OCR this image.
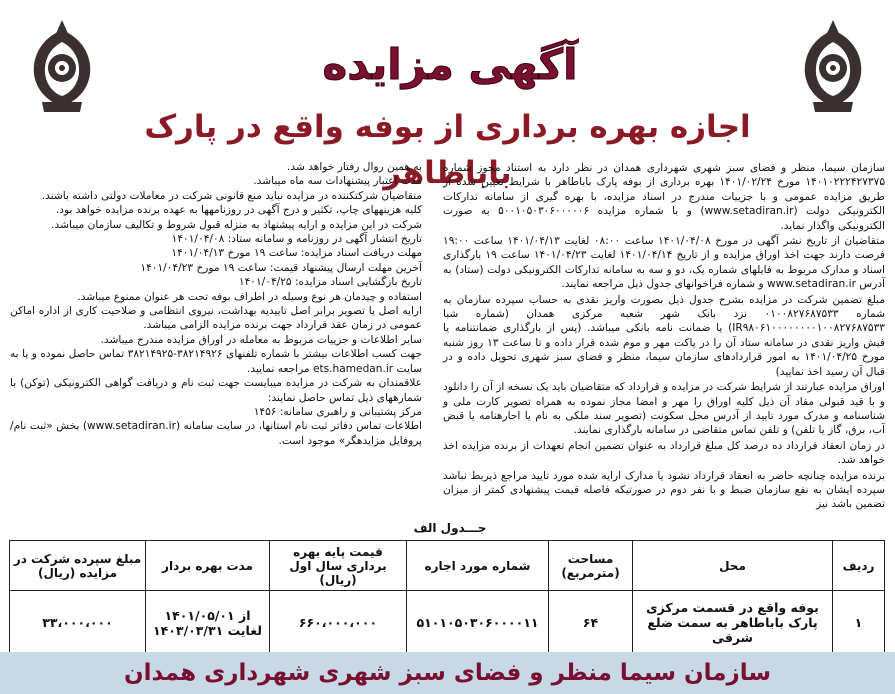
آگهی مزایده
اجازه بهره برداری از بوفه واقع در پارک باباطاهر

سازمان سیما، منظر و فضای سبز شهری شهرداری همدان در نظر دارد به استناد مجوز شماره ۱۴۰۱۰۲۲۲۴۲۷۳۷۵ مورخ ۱۴۰۱/۰۲/۲۴ بهره برداری از بوفه پارک باباطاهر با شرایط تعیین شده از طریق مزایده عمومی و با جزییات مندرج در اسناد مزایده، با بهره گیری از سامانه تدارکات الکترونیکی دولت (www.setadiran.ir) و با شماره مزایده ۵۰۰۱۰۵۰۳۰۶۰۰۰۰۰۶ به صورت الکترونیکی واگذار نماید.

متقاضیان از تاریخ نشر آگهی در مورخ ۱۴۰۱/۰۴/۰۸ ساعت ۰۸:۰۰ لغایت ۱۴۰۱/۰۴/۱۳ ساعت ۱۹:۰۰ فرصت دارند جهت اخذ اوراق مزایده و از تاریخ ۱۴۰۱/۰۴/۱۴ لغایت ۱۴۰۱/۰۴/۲۳ ساعت ۱۹ بارگذاری اسناد و مدارک مربوط به فایلهای شماره یک، دو و سه به سامانه تدارکات الکترونیکی دولت (ستاد) به آدرس www.setadiran.ir و شماره فراخوانهای جدول ذیل مراجعه نمایند.

مبلغ تضمین شرکت در مزایده بشرح جدول ذیل بصورت واریز نقدی به حساب سپرده سازمان به شماره ۰۱۰۰۸۲۷۶۸۷۵۳۳ نزد بانک شهر شعبه مرکزی همدان (شماره شبا IR۹۸۰۶۱۰۰۰۰۰۰۰۰۱۰۰۸۲۷۶۸۷۵۳۳) یا ضمانت نامه بانکی میباشد. (پس از بارگذاری ضمانتنامه یا فیش واریز نقدی در سامانه ستاد آن را در پاکت مهر و موم شده قرار داده و تا ساعت ۱۳ روز شنبه مورخ ۱۴۰۱/۰۴/۲۵ به امور قراردادهای سازمان سیما، منظر و فضای سبز شهری تحویل داده و در قبال آن رسید اخذ نمایید)

اوراق مزایده عبارتند از شرایط شرکت در مزایده و قرارداد که متقاضیان باید یک نسخه از آن را دانلود و با قید قبولی مفاد آن ذیل کلیه اوراق را مهر و امضا مجاز نموده به همراه تصویر کارت ملی و شناسنامه و مدرک مورد تایید از آدرس محل سکونت (تصویر سند ملکی به نام یا اجارهنامه یا قبض آب، برق، گاز یا تلفن) و تلفن تماس متقاضی در سامانه بارگذاری نمایند.

در زمان انعقاد قرارداد ده درصد کل مبلغ قرارداد به عنوان تضمین انجام تعهدات از برنده مزایده اخذ خواهد شد.

برنده مزایده چنانچه حاضر به انعقاد قرارداد نشود یا مدارک ارایه شده مورد تایید مراجع ذیربط نباشد سپرده ایشان به نفع سازمان ضبط و با نفر دوم در صورتیکه فاصله قیمت پیشنهادی کمتر از میزان تضمین باشد نیز

به همین روال رفتار خواهد شد.

مدت اعتبار پیشنهادات سه ماه میباشد.

متقاضیان شرکتکننده در مزایده نباید منع قانونی شرکت در معاملات دولتی داشته باشند.

کلیه هزینههای چاپ، تکثیر و درج آگهی در روزنامهها به عهده برنده مزایده خواهد بود.

شرکت در این مزایده و ارایه پیشنهاد به منزله قبول شروط و تکالیف سازمان میباشد.

تاریخ انتشار آگهی در روزنامه و سامانه ستاد: ۱۴۰۱/۰۴/۰۸

مهلت دریافت اسناد مزایده: ساعت ۱۹ مورخ ۱۴۰۱/۰۴/۱۳

آخرین مهلت ارسال پیشنهاد قیمت: ساعت ۱۹ مورخ ۱۴۰۱/۰۴/۲۳

تاریخ بازگشایی اسناد مزایده: ۱۴۰۱/۰۴/۲۵

استفاده و چیدمان هر نوع وسیله در اطراف بوفه تحت هر عنوان ممنوع میباشد.

ارایه اصل یا تصویر برابر اصل تاییدیه بهداشت، نیروی انتظامی و صلاحیت کاری از اداره اماکن عمومی در زمان عقد قرارداد جهت برنده مزایده الزامی میباشد.

سایر اطلاعات و جزییات مربوط به معامله در اوراق مزایده مندرج میباشد.

جهت کسب اطلاعات بیشتر با شماره تلفنهای ۳۸۲۱۴۹۲۶-۳۸۲۱۴۹۲۵ تماس حاصل نموده و یا به سایت ets.hamedan.ir مراجعه نمایید.

علاقمندان به شرکت در مزایده میبایست جهت ثبت نام و دریافت گواهی الکترونیکی (توکن) با شمارههای ذیل تماس حاصل نمایند:

مرکز پشتیبانی و راهبری سامانه: ۱۴۵۶

اطلاعات تماس دفاتر ثبت نام استانها، در سایت سامانه (www.setadiran.ir) بخش «ثبت نام/پروفایل مزایدهگر» موجود است.

جـــدول الف
ردیف	محل	مساحت (مترمربع)	شماره مورد اجاره	قیمت پایه بهره برداری سال اول (ریال)	مدت بهره بردار	مبلغ سپرده شرکت در مزایده (ریال)
۱	بوفه واقع در قسمت مرکزی پارک باباطاهر به سمت ضلع شرقی	۶۴	۵۱۰۱۰۵۰۳۰۶۰۰۰۰۱۱	۶۶۰،۰۰۰،۰۰۰	از ۱۴۰۱/۰۵/۰۱ لغایت ۱۴۰۳/۰۳/۳۱	۳۳،۰۰۰،۰۰۰
سازمان سیما منظر و فضای سبز شهری شهرداری همدان
